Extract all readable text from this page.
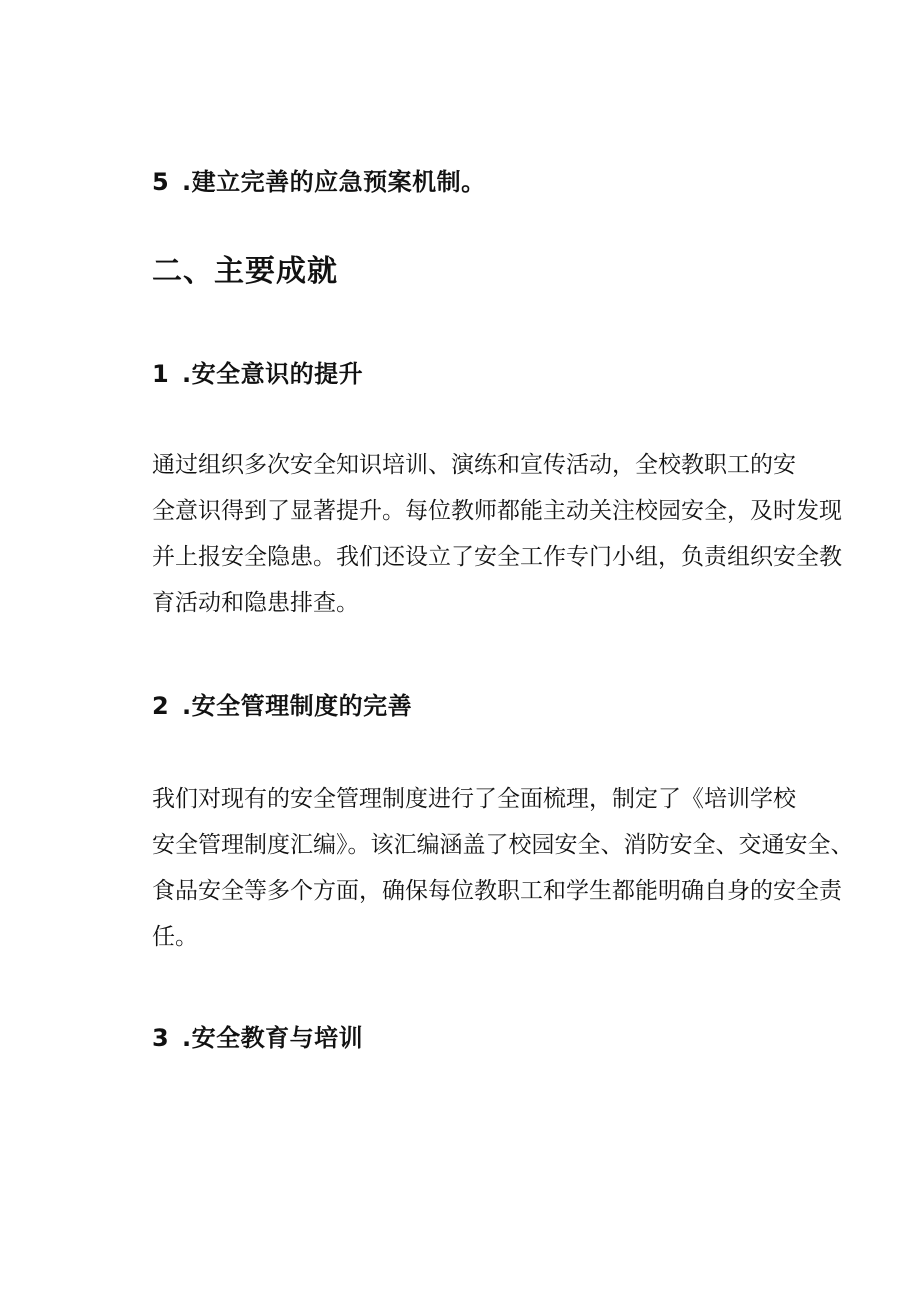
5 .建立完善的应急预案机制。
二、主要成就
1 .安全意识的提升
通过组织多次安全知识培训、演练和宣传活动，全校教职工的安
全意识得到了显著提升。每位教师都能主动关注校园安全，及时发现
并上报安全隐患。我们还设立了安全工作专门小组，负责组织安全教
育活动和隐患排查。
2 .安全管理制度的完善
我们对现有的安全管理制度进行了全面梳理，制定了《培训学校
安全管理制度汇编》。该汇编涵盖了校园安全、消防安全、交通安全、
食品安全等多个方面，确保每位教职工和学生都能明确自身的安全责
任。
3 .安全教育与培训
